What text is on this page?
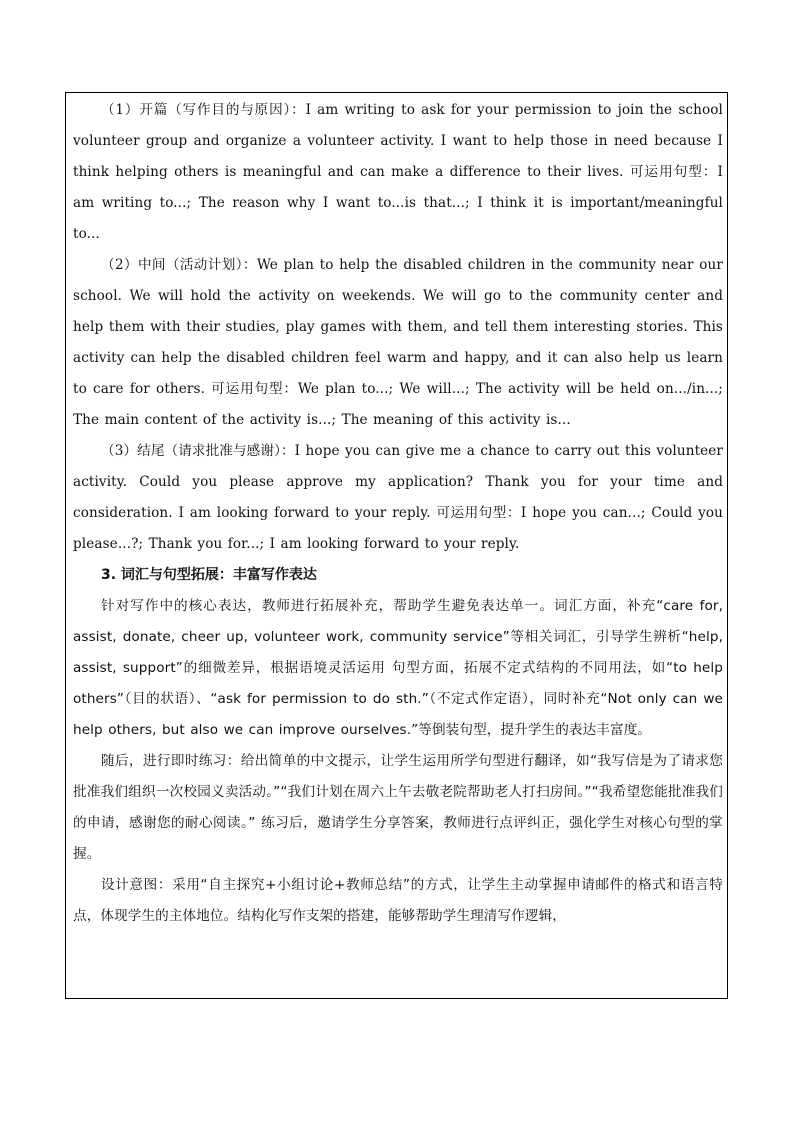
（1）开篇（写作目的与原因）：I am writing to ask for your permission to join the school volunteer group and organize a volunteer activity. I want to help those in need because I think helping others is meaningful and can make a difference to their lives. 可运用句型：I am writing to...; The reason why I want to...is that...; I think it is important/meaningful to...

（2）中间（活动计划）：We plan to help the disabled children in the community near our school. We will hold the activity on weekends. We will go to the community center and help them with their studies, play games with them, and tell them interesting stories. This activity can help the disabled children feel warm and happy, and it can also help us learn to care for others. 可运用句型：We plan to...; We will...; The activity will be held on.../in...; The main content of the activity is...; The meaning of this activity is...

（3）结尾（请求批准与感谢）：I hope you can give me a chance to carry out this volunteer activity. Could you please approve my application? Thank you for your time and consideration. I am looking forward to your reply. 可运用句型：I hope you can...; Could you please...?; Thank you for...; I am looking forward to your reply.

3. 词汇与句型拓展：丰富写作表达

针对写作中的核心表达，教师进行拓展补充，帮助学生避免表达单一。词汇方面，补充“care for, assist, donate, cheer up, volunteer work, community service”等相关词汇，引导学生辨析“help, assist, support”的细微差异，根据语境灵活运用 句型方面，拓展不定式结构的不同用法，如“to help others”（目的状语）、“ask for permission to do sth.”（不定式作定语），同时补充“Not only can we help others, but also we can improve ourselves.”等倒装句型，提升学生的表达丰富度。

随后，进行即时练习：给出简单的中文提示，让学生运用所学句型进行翻译，如“我写信是为了请求您批准我们组织一次校园义卖活动。”“我们计划在周六上午去敬老院帮助老人打扫房间。”“我希望您能批准我们的申请，感谢您的耐心阅读。” 练习后，邀请学生分享答案，教师进行点评纠正，强化学生对核心句型的掌握。

设计意图：采用“自主探究+小组讨论+教师总结”的方式，让学生主动掌握申请邮件的格式和语言特点，体现学生的主体地位。结构化写作支架的搭建，能够帮助学生理清写作逻辑，
